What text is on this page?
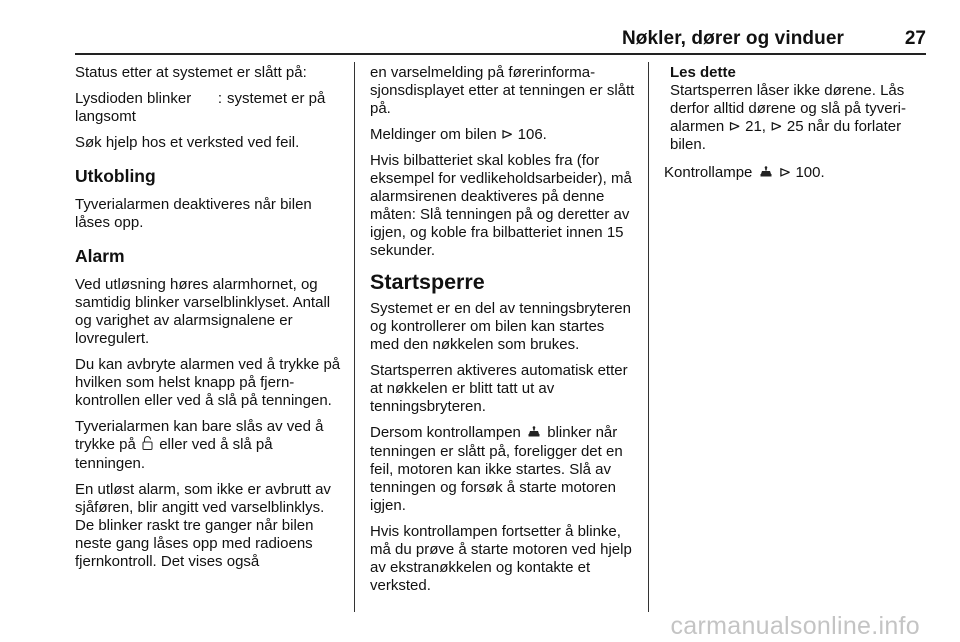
Nøkler, dører og vinduer	27

Status etter at systemet er slått på:

Lysdioden blinker langsomt
: systemet er på

Søk hjelp hos et verksted ved feil.

Utkobling

Tyverialarmen deaktiveres når bilen låses opp.

Alarm

Ved utløsning høres alarmhornet, og samtidig blinker varselblinklyset. Antall og varighet av alarmsignalene er lovregulert.

Du kan avbryte alarmen ved å trykke på hvilken som helst knapp på fjernkontrollen eller ved å slå på tenningen.

Tyverialarmen kan bare slås av ved å trykke på  eller ved å slå på tenningen.

En utløst alarm, som ikke er avbrutt av sjåføren, blir angitt ved varselblinklys. De blinker raskt tre ganger når bilen neste gang låses opp med radioens fjernkontroll. Det vises også

en varselmelding på førerinformasjonsdisplayet etter at tenningen er slått på.

Meldinger om bilen ⊳ 106.

Hvis bilbatteriet skal kobles fra (for eksempel for vedlikeholdsarbeider), må alarmsirenen deaktiveres på denne måten: Slå tenningen på og deretter av igjen, og koble fra bilbatteriet innen 15 sekunder.

Startsperre

Systemet er en del av tenningsbryteren og kontrollerer om bilen kan startes med den nøkkelen som brukes.

Startsperren aktiveres automatisk etter at nøkkelen er blitt tatt ut av tenningsbryteren.

Dersom kontrollampen  blinker når tenningen er slått på, foreligger det en feil, motoren kan ikke startes. Slå av tenningen og forsøk å starte motoren igjen.

Hvis kontrollampen fortsetter å blinke, må du prøve å starte motoren ved hjelp av ekstranøkkelen og kontakte et verksted.

Les dette
Startsperren låser ikke dørene. Lås derfor alltid dørene og slå på tyverialarmen ⊳ 21, ⊳ 25 når du forlater bilen.

Kontrollampe  ⊳ 100.

carmanualsonline.info
